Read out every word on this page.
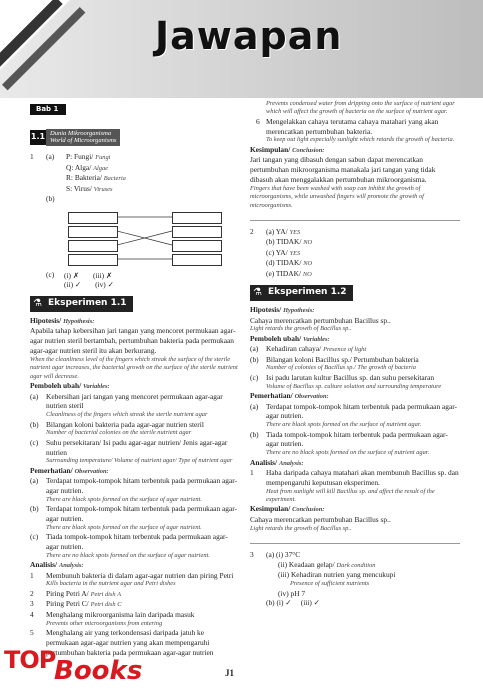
Jawapan
Bab 1
1.1 Dunia Mikroorganisma
World of Microorganisms
1	(a) P: Fungi/ Fungi
Q: Alga/ Algae
R: Bakteria/ Bacteria
S: Virus/ Viruses
(b)
(c)	(i) ✗ (iii) ✗
(ii) ✓ (iv) ✓
⚗ Eksperimen 1.1
Hipotesis/ Hypothesis:
Apabila tahap kebersihan jari tangan yang mencoret permukaan agar-agar nutrien steril bertambah, pertumbuhan bakteria pada permukaan agar-agar nutrien steril itu akan berkurang.
When the cleanliness level of the fingers which streak the surface of the sterile nutrient agar increases, the bacterial growth on the surface of the sterile nutrient agar will decrease.
Pemboleh ubah/ Variables:
(a)	Kebersihan jari tangan yang mencoret permukaan agar-agar nutrien steril
Cleanliness of the fingers which streak the sterile nutrient agar
(b) Bilangan koloni bakteria pada agar-agar nutrien steril
Number of bacterial colonies on the sterile nutrient agar
(c)	Suhu persekitaran/ Isi padu agar-agar nutrien/ Jenis agar-agar nutrien
Surrounding temperature/ Volume of nutrient agar/ Type of nutrient agar
Pemerhatian/ Observation:
(a)	Terdapat tompok-tompok hitam terbentuk pada permukaan agar-agar nutrien.
There are black spots formed on the surface of agar nutrient.
(b) Terdapat tompok-tompok hitam terbentuk pada permukaan agar-agar nutrien.
There are black spots formed on the surface of agar nutrient.
(c)	Tiada tompok-tompok hitam terbentuk pada permukaan agar-agar nutrien.
There are no black spots formed on the surface of agar nutrient.
Analisis/ Analysis:
1	Membunuh bakteria di dalam agar-agar nutrien dan piring Petri
Kills bacteria in the nutrient agar and Petri dishes
2	Piring Petri A/ Petri dish A
3	Piring Petri C/ Petri dish C
4	Menghalang mikroorganisma lain daripada masuk
Prevents other microorganisms from entering
5	Menghalang air yang terkondensasi daripada jatuh ke permukaan agar-agar nutrien yang akan mempengaruhi pertumbuhan bakteria pada permukaan agar-agar nutrien
Prevents condensed water from dripping onto the surface of nutrient agar which will affect the growth of bacteria on the surface of nutrient agar.
6 Mengelakkan cahaya terutama cahaya matahari yang akan merencatkan pertumbuhan bakteria.
To keep out light especially sunlight which retards the growth of bacteria.
Kesimpulan/ Conclusion:
Jari tangan yang dibasuh dengan sabun dapat merencatkan pertumbuhan mikroorganisma manakala jari tangan yang tidak dibasuh akan menggalakkan pertumbuhan mikroorganisma.
Fingers that have been washed with soap can inhibit the growth of microorganisms, while unwashed fingers will promote the growth of microorganisms.
2	(a) YA/ YES
(b) TIDAK/ NO
(c) YA/ YES
(d) TIDAK/ NO
(e) TIDAK/ NO
⚗ Eksperimen 1.2
Hipotesis/ Hypothesis:
Cahaya merencatkan pertumbuhan Bacillus sp..
Light retards the growth of Bacillus sp..
Pemboleh ubah/ Variables:
(a)	Kehadiran cahaya/ Presence of light
(b) Bilangan koloni Bacillus sp./ Pertumbuhan bakteria
Number of colonies of Bacillus sp./ The growth of bacteria
(c)	Isi padu larutan kultur Bacillus sp. dan suhu persekitaran
Volume of Bacillus sp. culture solution and surrounding temperature
Pemerhatian/ Observation:
(a)	Terdapat tompok-tompok hitam terbentuk pada permukaan agar-agar nutrien.
There are black spots formed on the surface of nutrient agar.
(b) Tiada tompok-tompok hitam terbentuk pada permukaan agar-agar nutrien.
There are no black spots formed on the surface of nutrient agar.
Analisis/ Analysis:
1	Haba daripada cahaya matahari akan membunuh Bacillus sp. dan mempengaruhi keputusan eksperimen.
Heat from sunlight will kill Bacillus sp. and affect the result of the experiment.
Kesimpulan/ Conclusion:
Cahaya merencatkan pertumbuhan Bacillus sp..
Light retards the growth of Bacillus sp..
3	(a) (i) 37°C
(ii) Keadaan gelap/ Dark condition
(iii) Kehadiran nutrien yang mencukupi
Presence of sufficient nutrients
(iv) pH 7
(b) (i) ✓ (iii) ✓
J1
TOP
Books
